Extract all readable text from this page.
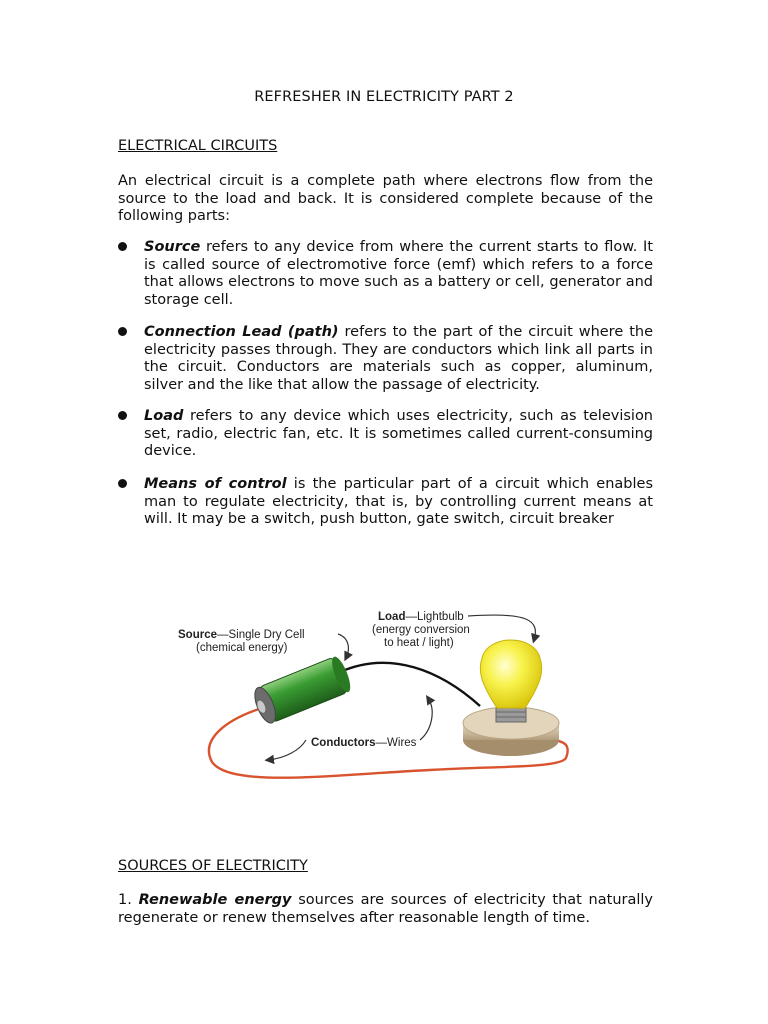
REFRESHER IN ELECTRICITY PART 2
ELECTRICAL CIRCUITS

An electrical circuit is a complete path where electrons flow from the source to the load and back. It is considered complete because of the following parts:

Source refers to any device from where the current starts to flow. It is called source of electromotive force (emf) which refers to a force that allows electrons to move such as a battery or cell, generator and storage cell.
Connection Lead (path) refers to the part of the circuit where the electricity passes through. They are conductors which link all parts in the circuit. Conductors are materials such as copper, aluminum, silver and the like that allow the passage of electricity.
Load refers to any device which uses electricity, such as television set, radio, electric fan, etc. It is sometimes called current-consuming device.
Means of control is the particular part of a circuit which enables man to regulate electricity, that is, by controlling current means at will. It may be a switch, push button, gate switch, circuit breaker
Source—Single Dry Cell
(chemical energy)
Load—Lightbulb
(energy conversion
to heat / light)
Conductors—Wires
SOURCES OF ELECTRICITY

1. Renewable energy sources are sources of electricity that naturally regenerate or renew themselves after reasonable length of time.
